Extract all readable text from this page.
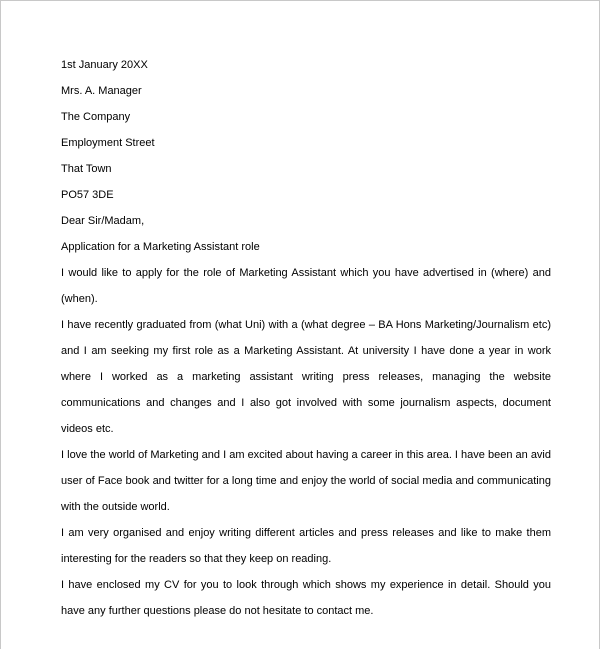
1st January 20XX

Mrs. A. Manager

The Company

Employment Street

That Town

PO57 3DE

Dear Sir/Madam,

Application for a Marketing Assistant role

I would like to apply for the role of Marketing Assistant which you have advertised in (where) and (when).

I have recently graduated from (what Uni) with a (what degree – BA Hons Marketing/Journalism etc) and I am seeking my first role as a Marketing Assistant. At university I have done a year in work where I worked as a marketing assistant writing press releases, managing the website communications and changes and I also got involved with some journalism aspects, document videos etc.

I love the world of Marketing and I am excited about having a career in this area. I have been an avid user of Face book and twitter for a long time and enjoy the world of social media and communicating with the outside world.

I am very organised and enjoy writing different articles and press releases and like to make them interesting for the readers so that they keep on reading.

I have enclosed my CV for you to look through which shows my experience in detail. Should you have any further questions please do not hesitate to contact me.
